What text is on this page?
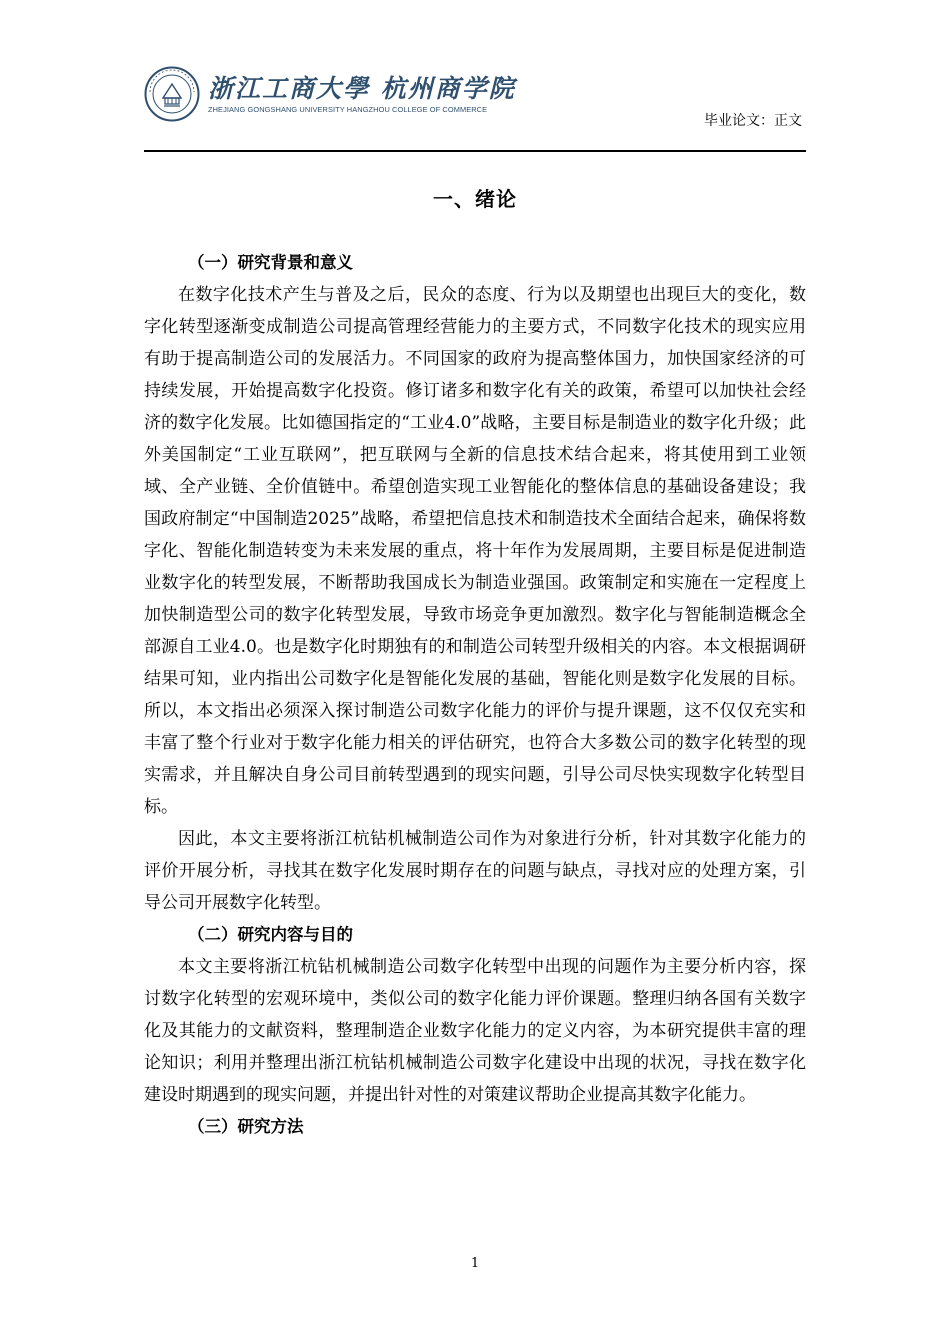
浙江工商大學 杭州商学院
ZHEJIANG GONGSHANG UNIVERSITY HANGZHOU COLLEGE OF COMMERCE
毕业论文：正文
一、绪论
（一）研究背景和意义

在数字化技术产生与普及之后，民众的态度、行为以及期望也出现巨大的变化，数字化转型逐渐变成制造公司提高管理经营能力的主要方式，不同数字化技术的现实应用有助于提高制造公司的发展活力。不同国家的政府为提高整体国力，加快国家经济的可持续发展，开始提高数字化投资。修订诸多和数字化有关的政策，希望可以加快社会经济的数字化发展。比如德国指定的“工业4.0”战略，主要目标是制造业的数字化升级；此外美国制定“工业互联网”，把互联网与全新的信息技术结合起来，将其使用到工业领域、全产业链、全价值链中。希望创造实现工业智能化的整体信息的基础设备建设；我国政府制定“中国制造2025”战略，希望把信息技术和制造技术全面结合起来，确保将数字化、智能化制造转变为未来发展的重点，将十年作为发展周期，主要目标是促进制造业数字化的转型发展，不断帮助我国成长为制造业强国。政策制定和实施在一定程度上加快制造型公司的数字化转型发展，导致市场竞争更加激烈。数字化与智能制造概念全部源自工业4.0。也是数字化时期独有的和制造公司转型升级相关的内容。本文根据调研结果可知，业内指出公司数字化是智能化发展的基础，智能化则是数字化发展的目标。所以，本文指出必须深入探讨制造公司数字化能力的评价与提升课题，这不仅仅充实和丰富了整个行业对于数字化能力相关的评估研究，也符合大多数公司的数字化转型的现实需求，并且解决自身公司目前转型遇到的现实问题，引导公司尽快实现数字化转型目标。

因此，本文主要将浙江杭钻机械制造公司作为对象进行分析，针对其数字化能力的评价开展分析，寻找其在数字化发展时期存在的问题与缺点，寻找对应的处理方案，引导公司开展数字化转型。

（二）研究内容与目的

本文主要将浙江杭钻机械制造公司数字化转型中出现的问题作为主要分析内容，探讨数字化转型的宏观环境中，类似公司的数字化能力评价课题。整理归纳各国有关数字化及其能力的文献资料，整理制造企业数字化能力的定义内容，为本研究提供丰富的理论知识；利用并整理出浙江杭钻机械制造公司数字化建设中出现的状况，寻找在数字化建设时期遇到的现实问题，并提出针对性的对策建议帮助企业提高其数字化能力。

（三）研究方法
1
